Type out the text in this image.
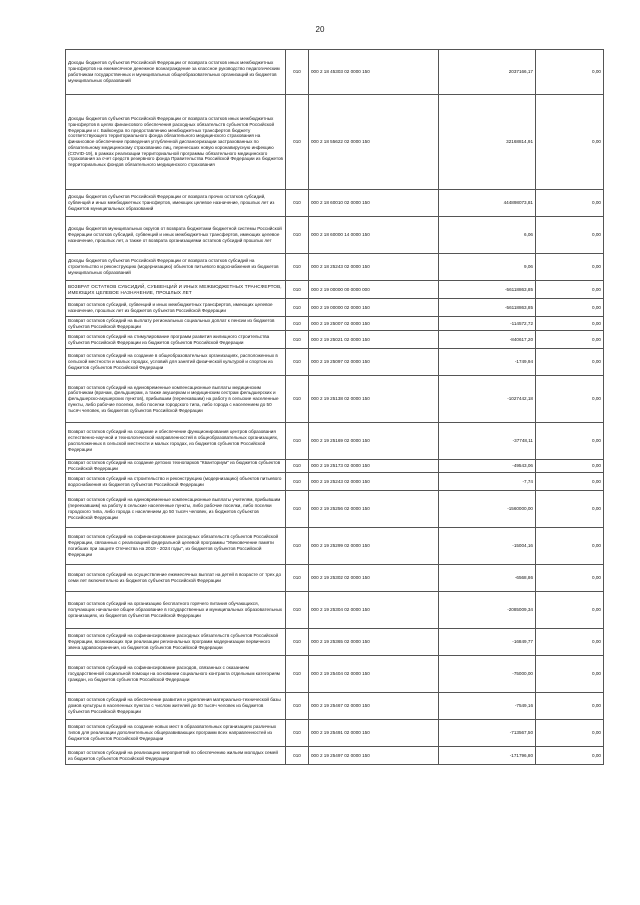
20
Доходы бюджетов субъектов Российской Федерации от возврата остатков иных межбюджетных трансфертов на ежемесячное денежное вознаграждение за классное руководство педагогическим работникам государственных и муниципальных общеобразовательных организаций из бюджетов муниципальных образований	010	000 2 18 45303 02 0000 150	2037166,17	0,00
Доходы бюджетов субъектов Российской Федерации от возврата остатков иных межбюджетных трансфертов в целях финансового обеспечения расходных обязательств субъектов Российской Федерации и г. Байконура по предоставлению межбюджетных трансфертов бюджету соответствующего территориального фонда обязательного медицинского страхования на финансовое обеспечение проведения углубленной диспансеризации застрахованных по обязательному медицинскому страхованию лиц, перенесших новую коронавирусную инфекцию (COVID-19), в рамках реализации территориальной программы обязательного медицинского страхования за счет средств резервного фонда Правительства Российской Федерации из бюджетов территориальных фондов обязательного медицинского страхования	010	000 2 18 55622 02 0000 150	32168814,91	0,00
Доходы бюджетов субъектов Российской Федерации от возврата прочих остатков субсидий, субвенций и иных межбюджетных трансфертов, имеющих целевое назначение, прошлых лет из бюджетов муниципальных образований	010	000 2 18 60010 02 0000 150	444898073,81	0,00
Доходы бюджетов муниципальных округов от возврата бюджетами бюджетной системы Российской Федерации остатков субсидий, субвенций и иных межбюджетных трансфертов, имеющих целевое назначение, прошлых лет, а также от возврата организациями остатков субсидий прошлых лет	010	000 2 18 60000 14 0000 150	6,06	0,00
Доходы бюджетов субъектов Российской Федерации от возврата остатков субсидий на строительство и реконструкцию (модернизацию) объектов питьевого водоснабжения из бюджетов муниципальных образований	010	000 2 18 25243 02 0000 150	9,06	0,00
ВОЗВРАТ ОСТАТКОВ СУБСИДИЙ, СУБВЕНЦИЙ И ИНЫХ МЕЖБЮДЖЕТНЫХ ТРАНСФЕРТОВ, ИМЕЮЩИХ ЦЕЛЕВОЕ НАЗНАЧЕНИЕ, ПРОШЛЫХ ЛЕТ	010	000 2 19 00000 00 0000 000	-56118863,85	0,00
Возврат остатков субсидий, субвенций и иных межбюджетных трансфертов, имеющих целевое назначение, прошлых лет из бюджетов субъектов Российской Федерации	010	000 2 19 00000 02 0000 150	-56118863,85	0,00
Возврат остатков субсидий на выплату региональных социальных доплат к пенсии из бюджетов субъектов Российской Федерации	010	000 2 19 25007 02 0000 150	-114572,72	0,00
Возврат остатков субсидий на стимулирование программ развития жилищного строительства субъектов Российской Федерации из бюджетов субъектов Российской Федерации	010	000 2 19 25021 02 0000 150	-840617,20	0,00
Возврат остатков субсидий на создание в общеобразовательных организациях, расположенных в сельской местности и малых городах, условий для занятий физической культурой и спортом из бюджетов субъектов Российской Федерации	010	000 2 19 25097 02 0000 150	-1749,94	0,00
Возврат остатков субсидий на единовременные компенсационные выплаты медицинским работникам (врачам, фельдшерам, а также акушеркам и медицинским сестрам фельдшерских и фельдшерско-акушерских пунктов), прибывшим (переехавшим) на работу в сельские населенные пункты, либо рабочие поселки, либо поселки городского типа, либо города с населением до 50 тысяч человек, из бюджетов субъектов Российской Федерации	010	000 2 19 25138 02 0000 150	-1027442,18	0,00
Возврат остатков субсидий на создание и обеспечение функционирования центров образования естественно-научной и технологической направленностей в общеобразовательных организациях, расположенных в сельской местности и малых городах, из бюджетов субъектов Российской Федерации	010	000 2 19 25169 02 0000 150	-37748,11	0,00
Возврат остатков субсидий на создание детских технопарков "Кванториум" из бюджетов субъектов Российской Федерации	010	000 2 19 25173 02 0000 150	-49543,06	0,00
Возврат остатков субсидий на строительство и реконструкцию (модернизацию) объектов питьевого водоснабжения из бюджетов субъектов Российской Федерации	010	000 2 19 25243 02 0000 150	-7,74	0,00
Возврат остатков субсидий на единовременные компенсационные выплаты учителям, прибывшим (переехавшим) на работу в сельские населенные пункты, либо рабочие поселки, либо поселки городского типа, либо города с населением до 50 тысяч человек, из бюджетов субъектов Российской Федерации	010	000 2 19 25256 02 0000 150	-1560000,00	0,00
Возврат остатков субсидий на софинансирование расходных обязательств субъектов Российской Федерации, связанных с реализацией федеральной целевой программы "Увековечение памяти погибших при защите Отечества на 2019 - 2024 годы", из бюджетов субъектов Российской Федерации	010	000 2 19 25299 02 0000 150	-15004,16	0,00
Возврат остатков субсидий на осуществление ежемесячных выплат на детей в возрасте от трех до семи лет включительно из бюджетов субъектов Российской Федерации	010	000 2 19 25302 02 0000 150	-6568,86	0,00
Возврат остатков субсидий на организацию бесплатного горячего питания обучающихся, получающих начальное общее образование в государственных и муниципальных образовательных организациях, из бюджетов субъектов Российской Федерации	010	000 2 19 25304 02 0000 150	-2085009,34	0,00
Возврат остатков субсидий на софинансирование расходных обязательств субъектов Российской Федерации, возникающих при реализации региональных программ модернизации первичного звена здравоохранения, из бюджетов субъектов Российской Федерации	010	000 2 19 25365 02 0000 150	-16849,77	0,00
Возврат остатков субсидий на софинансирование расходов, связанных с оказанием государственной социальной помощи на основании социального контракта отдельным категориям граждан, из бюджетов субъектов Российской Федерации	010	000 2 19 25404 02 0000 150	-75000,00	0,00
Возврат остатков субсидий на обеспечение развития и укрепления материально-технической базы домов культуры в населенных пунктах с числом жителей до 50 тысяч человек из бюджетов субъектов Российской Федерации	010	000 2 19 25467 02 0000 150	-7549,16	0,00
Возврат остатков субсидий на создание новых мест в образовательных организациях различных типов для реализации дополнительных общеразвивающих программ всех направленностей из бюджетов субъектов Российской Федерации	010	000 2 19 25491 02 0000 150	-713567,50	0,00
Возврат остатков субсидий на реализацию мероприятий по обеспечению жильем молодых семей из бюджетов субъектов Российской Федерации	010	000 2 19 25497 02 0000 150	-171796,80	0,00
